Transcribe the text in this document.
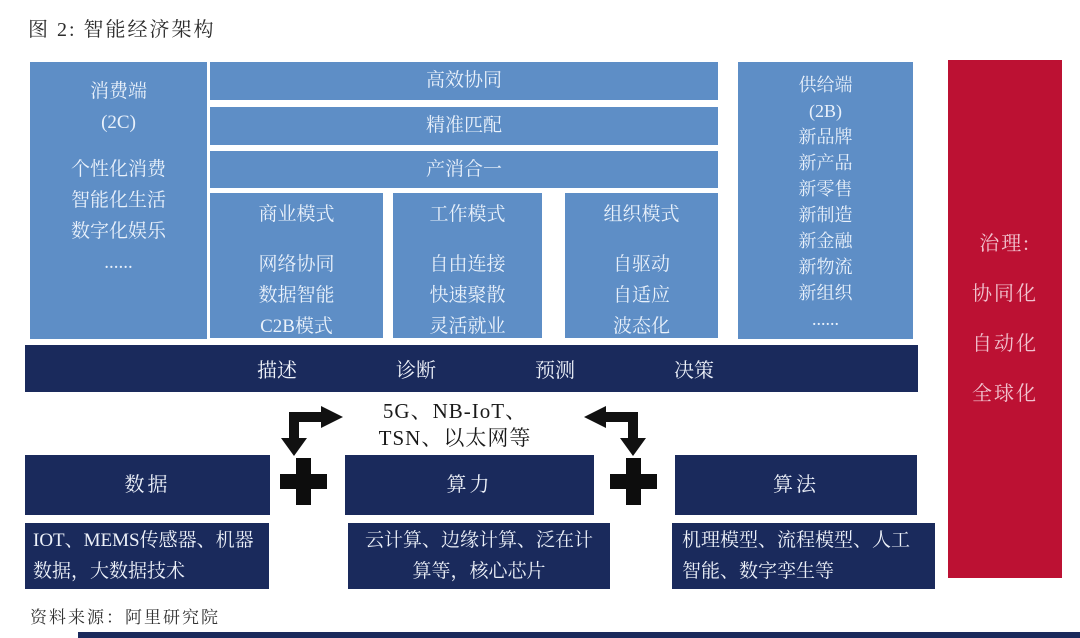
图 2: 智能经济架构
消费端
(2C)
个性化消费
智能化生活
数字化娱乐
......
高效协同
精准匹配
产消合一
商业模式
网络协同
数据智能
C2B模式
工作模式
自由连接
快速聚散
灵活就业
组织模式
自驱动
自适应
波态化
供给端
(2B)
新品牌
新产品
新零售
新制造
新金融
新物流
新组织
......
描述	诊断	预测	决策
5G、NB-IoT、
TSN、以太网等
数据	算力	算法
IOT、MEMS传感器、机器数据，大数据技术
云计算、边缘计算、泛在计算等，核心芯片
机理模型、流程模型、人工智能、数字孪生等
治理:
协同化
自动化
全球化
资料来源：阿里研究院
